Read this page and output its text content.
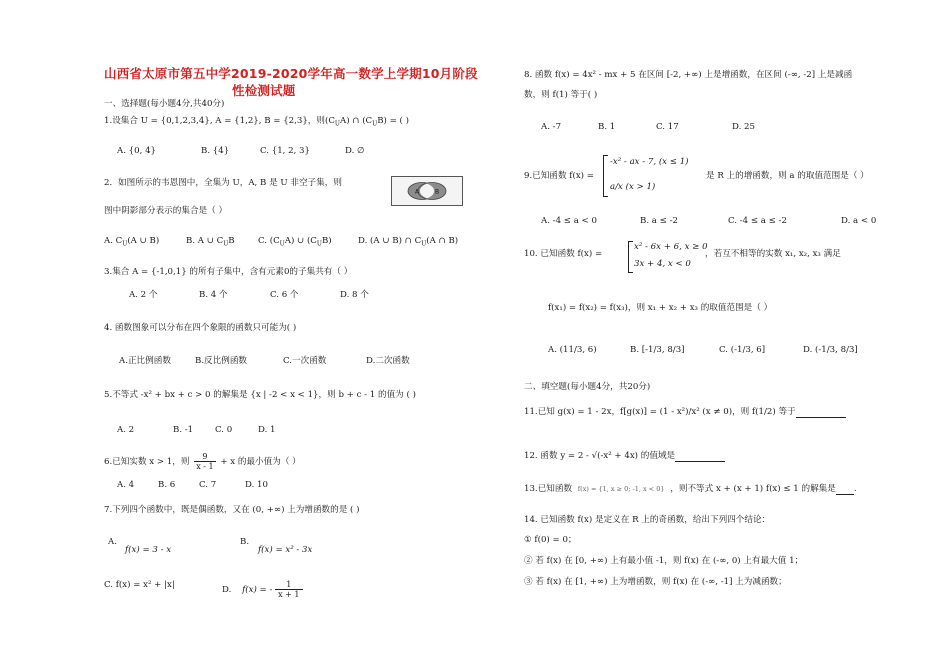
山西省太原市第五中学2019-2020学年高一数学上学期10月阶段
性检测试题
一、选择题(每小题4分,共40分)
1.设集合 U = {0,1,2,3,4}, A = {1,2}, B = {2,3}，则$(C_UA)$ ∩ $(C_UB)$ = ( )
A. {0, 4}	B. {4}	C. {1, 2, 3}	D. ∅
2．如图所示的韦恩图中，全集为 U，A, B 是 U 非空子集，则
A	B
图中阴影部分表示的集合是（ ）
A. $C_U(A$ ∪ B)	B. A ∪ $C_UB$	C. $(C_UA)$ ∪ $(C_UB)$	D. (A ∪ B) ∩ $C_U(A$ ∩ B)
3.集合 A = {-1,0,1} 的所有子集中，含有元素0的子集共有（ ）
A. 2 个	B. 4 个	C. 6 个	D. 8 个
4. 函数图象可以分布在四个象限的函数只可能为( )
A.正比例函数	B.反比例函数	C.一次函数	D.二次函数
5.不等式 -x² + bx + c > 0 的解集是 {x | -2 < x < 1}，则 b + c - 1 的值为 ( )
A. 2	B. -1	C. 0	D. 1
6.已知实数 x > 1，则 $\frac{9}{x - 1} + x$ 的最小值为（ ）
A. 4	B. 6	C. 7	D. 10
7.下列四个函数中，既是偶函数，又在 (0, +∞) 上为增函数的是 ( )
A.
f(x) = 3 - x
B.
f(x) = x² - 3x
C. f(x) = x² + |x|	D. f(x) = - $\frac{1}{x + 1}$
8. 函数 f(x) = 4x² - mx + 5 在区间 [-2, +∞) 上是增函数，在区间 (-∞, -2] 上是减函
数，则 f(1) 等于( )
A. -7	B. 1	C. 17	D. 25
9.已知函数 f(x) =
-x² - ax - 7, (x ≤ 1)
a/x (x > 1)
是 R 上的增函数，则 a 的取值范围是（ ）
A. -4 ≤ a < 0	B. a ≤ -2	C. -4 ≤ a ≤ -2	D. a < 0
10. 已知函数 f(x) =
x² - 6x + 6, x ≥ 0
3x + 4, x < 0
，若互不相等的实数 x₁, x₂, x₃ 满足
f(x₁) = f(x₂) = f(x₃)，则 x₁ + x₂ + x₃ 的取值范围是（ ）
A. (11/3, 6)	B. [-1/3, 8/3]	C. (-1/3, 6]	D. (-1/3, 8/3]
二、填空题(每小题4分，共20分)
11.已知 g(x) = 1 - 2x，f[g(x)] = (1 - x²)/x² (x ≠ 0)，则 f(1/2) 等于
12. 函数 y = 2 - √(-x² + 4x) 的值域是
13.已知函数 f(x) = {1, x ≥ 0; -1, x < 0} ，则不等式 x + (x + 1) f(x) ≤ 1 的解集是 .
14. 已知函数 f(x) 是定义在 R 上的奇函数，给出下列四个结论：
① f(0) = 0；
② 若 f(x) 在 [0, +∞) 上有最小值 -1，则 f(x) 在 (-∞, 0) 上有最大值 1；
③ 若 f(x) 在 [1, +∞) 上为增函数，则 f(x) 在 (-∞, -1] 上为减函数；
